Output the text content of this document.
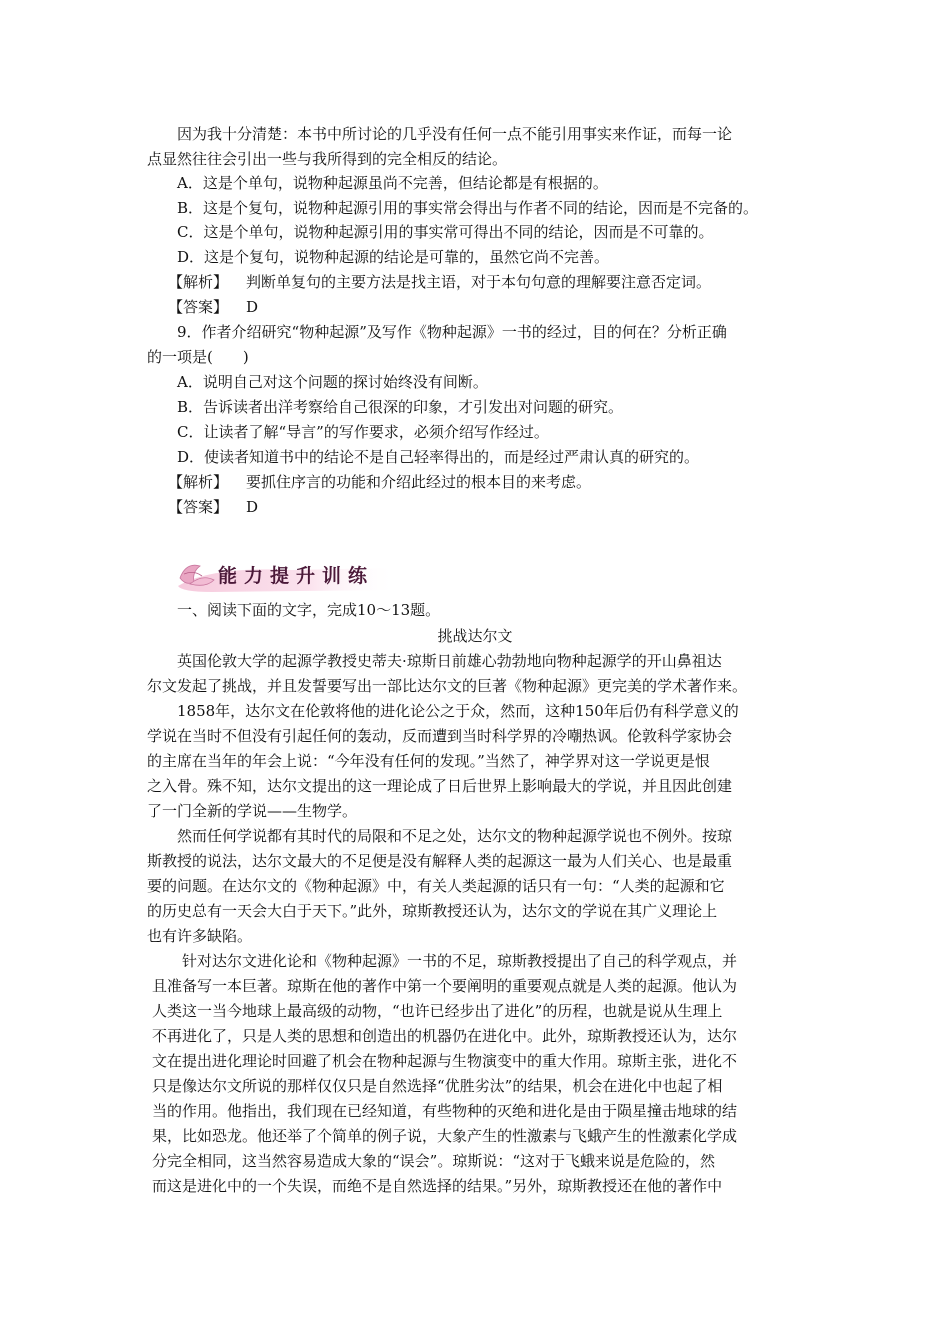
因为我十分清楚：本书中所讨论的几乎没有任何一点不能引用事实来作证，而每一论
点显然往往会引出一些与我所得到的完全相反的结论。
A．这是个单句，说物种起源虽尚不完善，但结论都是有根据的。
B．这是个复句，说物种起源引用的事实常会得出与作者不同的结论，因而是不完备的。
C．这是个单句，说物种起源引用的事实常可得出不同的结论，因而是不可靠的。
D．这是个复句，说物种起源的结论是可靠的，虽然它尚不完善。
【解析】 判断单复句的主要方法是找主语，对于本句句意的理解要注意否定词。
【答案】 D
9．作者介绍研究“物种起源”及写作《物种起源》一书的经过，目的何在？分析正确
的一项是(　　)
A．说明自己对这个问题的探讨始终没有间断。
B．告诉读者出洋考察给自己很深的印象，才引发出对问题的研究。
C．让读者了解“导言”的写作要求，必须介绍写作经过。
D．使读者知道书中的结论不是自己轻率得出的，而是经过严肃认真的研究的。
【解析】 要抓住序言的功能和介绍此经过的根本目的来考虑。
【答案】 D
能力提升训练
一、阅读下面的文字，完成10～13题。
挑战达尔文
英国伦敦大学的起源学教授史蒂夫·琼斯日前雄心勃勃地向物种起源学的开山鼻祖达
尔文发起了挑战，并且发誓要写出一部比达尔文的巨著《物种起源》更完美的学术著作来。
1858年，达尔文在伦敦将他的进化论公之于众，然而，这种150年后仍有科学意义的
学说在当时不但没有引起任何的轰动，反而遭到当时科学界的冷嘲热讽。伦敦科学家协会
的主席在当年的年会上说：“今年没有任何的发现。”当然了，神学界对这一学说更是恨
之入骨。殊不知，达尔文提出的这一理论成了日后世界上影响最大的学说，并且因此创建
了一门全新的学说——生物学。
然而任何学说都有其时代的局限和不足之处，达尔文的物种起源学说也不例外。按琼
斯教授的说法，达尔文最大的不足便是没有解释人类的起源这一最为人们关心、也是最重
要的问题。在达尔文的《物种起源》中，有关人类起源的话只有一句：“人类的起源和它
的历史总有一天会大白于天下。”此外，琼斯教授还认为，达尔文的学说在其广义理论上
也有许多缺陷。
针对达尔文进化论和《物种起源》一书的不足，琼斯教授提出了自己的科学观点，并
且准备写一本巨著。琼斯在他的著作中第一个要阐明的重要观点就是人类的起源。他认为
人类这一当今地球上最高级的动物，“也许已经步出了进化”的历程，也就是说从生理上
不再进化了，只是人类的思想和创造出的机器仍在进化中。此外，琼斯教授还认为，达尔
文在提出进化理论时回避了机会在物种起源与生物演变中的重大作用。琼斯主张，进化不
只是像达尔文所说的那样仅仅只是自然选择“优胜劣汰”的结果，机会在进化中也起了相
当的作用。他指出，我们现在已经知道，有些物种的灭绝和进化是由于陨星撞击地球的结
果，比如恐龙。他还举了个简单的例子说，大象产生的性激素与飞蛾产生的性激素化学成
分完全相同，这当然容易造成大象的“误会”。琼斯说：“这对于飞蛾来说是危险的，然
而这是进化中的一个失误，而绝不是自然选择的结果。”另外，琼斯教授还在他的著作中
